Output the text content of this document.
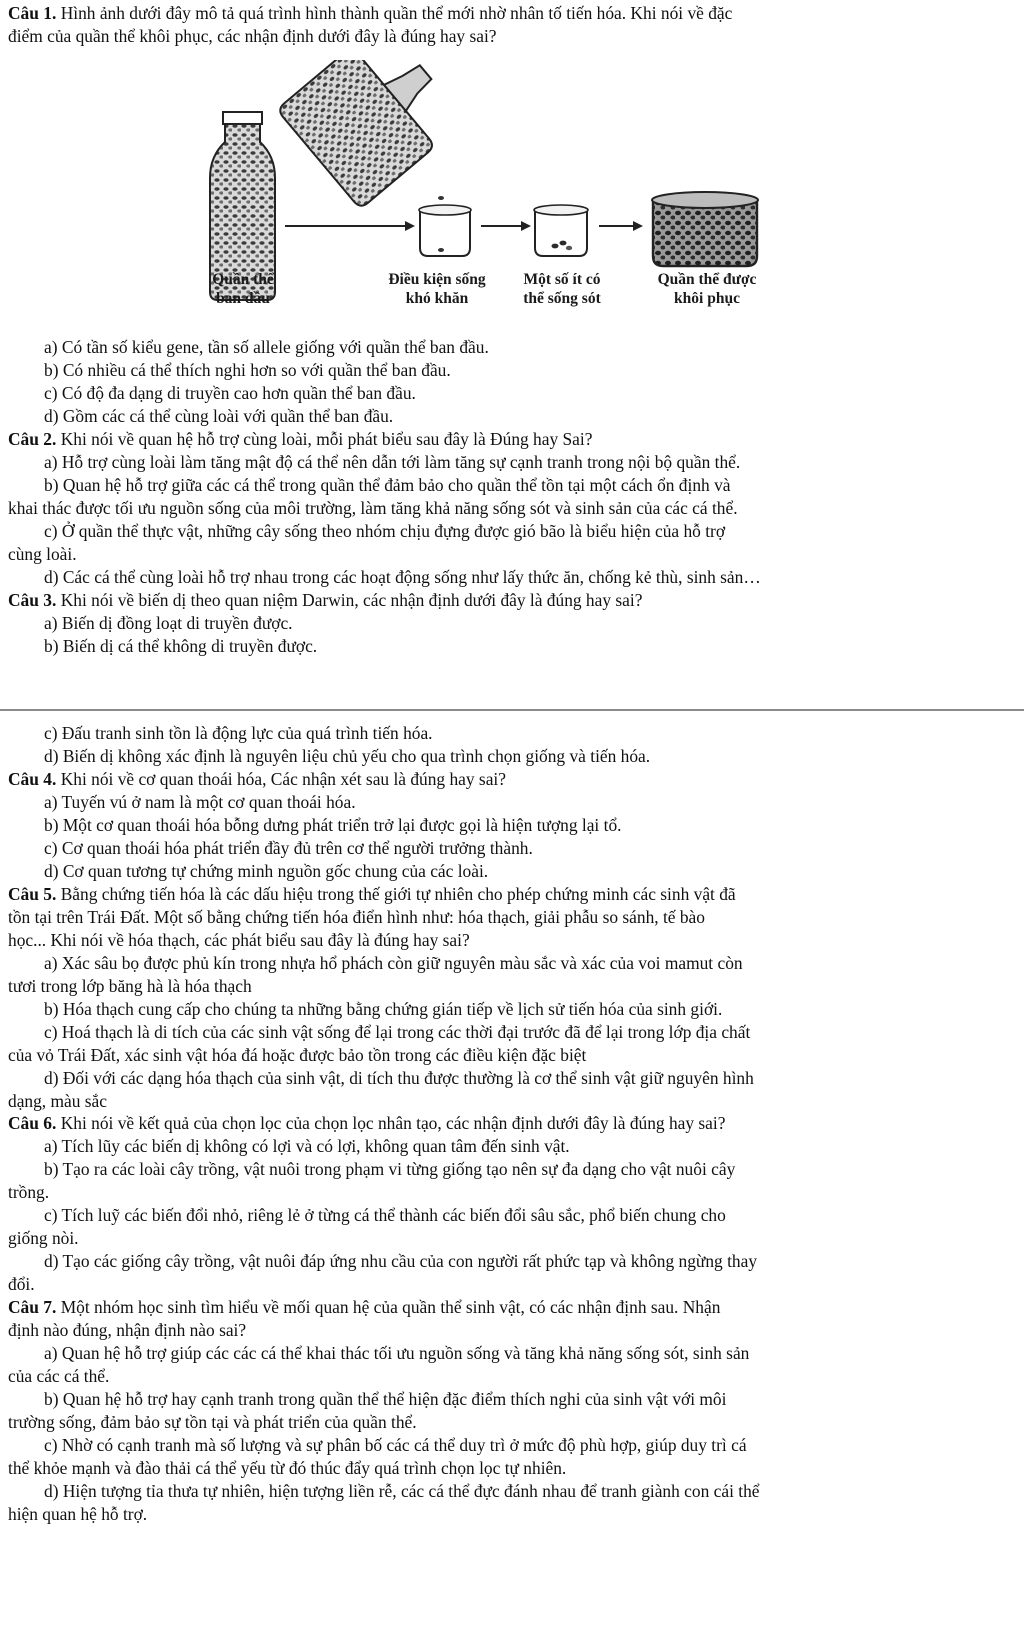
Câu 1. Hình ảnh dưới đây mô tả quá trình hình thành quần thể mới nhờ nhân tố tiến hóa. Khi nói về đặc

điểm của quần thể khôi phục, các nhận định dưới đây là đúng hay sai?

Quần thể
ban đầu
Điều kiện sống
khó khăn
Một số ít có
thể sống sót
Quần thể được
khôi phục

a) Có tần số kiểu gene, tần số allele giống với quần thể ban đầu.

b) Có nhiều cá thể thích nghi hơn so với quần thể ban đầu.

c) Có độ đa dạng di truyền cao hơn quần thể ban đầu.

d) Gồm các cá thể cùng loài với quần thể ban đầu.

Câu 2. Khi nói về quan hệ hỗ trợ cùng loài, mỗi phát biểu sau đây là Đúng hay Sai?

a) Hỗ trợ cùng loài làm tăng mật độ cá thể nên dẫn tới làm tăng sự cạnh tranh trong nội bộ quần thể.

b) Quan hệ hỗ trợ giữa các cá thể trong quần thể đảm bảo cho quần thể tồn tại một cách ổn định và

khai thác được tối ưu nguồn sống của môi trường, làm tăng khả năng sống sót và sinh sản của các cá thể.

c) Ở quần thể thực vật, những cây sống theo nhóm chịu đựng được gió bão là biểu hiện của hỗ trợ

cùng loài.

d) Các cá thể cùng loài hỗ trợ nhau trong các hoạt động sống như lấy thức ăn, chống kẻ thù, sinh sản…

Câu 3. Khi nói về biến dị theo quan niệm Darwin, các nhận định dưới đây là đúng hay sai?

a) Biến dị đồng loạt di truyền được.

b) Biến dị cá thể không di truyền được.

c) Đấu tranh sinh tồn là động lực của quá trình tiến hóa.

d) Biến dị không xác định là nguyên liệu chủ yếu cho qua trình chọn giống và tiến hóa.

Câu 4. Khi nói về cơ quan thoái hóa, Các nhận xét sau là đúng hay sai?

a) Tuyến vú ở nam là một cơ quan thoái hóa.

b) Một cơ quan thoái hóa bỗng dưng phát triển trở lại được gọi là hiện tượng lại tổ.

c) Cơ quan thoái hóa phát triển đầy đủ trên cơ thể người trưởng thành.

d) Cơ quan tương tự chứng minh nguồn gốc chung của các loài.

Câu 5. Bằng chứng tiến hóa là các dấu hiệu trong thế giới tự nhiên cho phép chứng minh các sinh vật đã

tồn tại trên Trái Đất. Một số bằng chứng tiến hóa điển hình như: hóa thạch, giải phẫu so sánh, tế bào

học... Khi nói về hóa thạch, các phát biểu sau đây là đúng hay sai?

a) Xác sâu bọ được phủ kín trong nhựa hổ phách còn giữ nguyên màu sắc và xác của voi mamut còn

tươi trong lớp băng hà là hóa thạch

b) Hóa thạch cung cấp cho chúng ta những bằng chứng gián tiếp về lịch sử tiến hóa của sinh giới.

c) Hoá thạch là di tích của các sinh vật sống để lại trong các thời đại trước đã để lại trong lớp địa chất

của vỏ Trái Đất, xác sinh vật hóa đá hoặc được bảo tồn trong các điều kiện đặc biệt

d) Đối với các dạng hóa thạch của sinh vật, di tích thu được thường là cơ thể sinh vật giữ nguyên hình

dạng, màu sắc

Câu 6. Khi nói về kết quả của chọn lọc của chọn lọc nhân tạo, các nhận định dưới đây là đúng hay sai?

a) Tích lũy các biến dị không có lợi và có lợi, không quan tâm đến sinh vật.

b) Tạo ra các loài cây trồng, vật nuôi trong phạm vi từng giống tạo nên sự đa dạng cho vật nuôi cây

trồng.

c) Tích luỹ các biến đổi nhỏ, riêng lẻ ở từng cá thể thành các biến đổi sâu sắc, phổ biến chung cho

giống nòi.

d) Tạo các giống cây trồng, vật nuôi đáp ứng nhu cầu của con người rất phức tạp và không ngừng thay

đổi.

Câu 7. Một nhóm học sinh tìm hiểu về mối quan hệ của quần thể sinh vật, có các nhận định sau. Nhận

định nào đúng, nhận định nào sai?

a) Quan hệ hỗ trợ giúp các các cá thể khai thác tối ưu nguồn sống và tăng khả năng sống sót, sinh sản

của các cá thể.

b) Quan hệ hỗ trợ hay cạnh tranh trong quần thể thể hiện đặc điểm thích nghi của sinh vật với môi

trường sống, đảm bảo sự tồn tại và phát triển của quần thể.

c) Nhờ có cạnh tranh mà số lượng và sự phân bố các cá thể duy trì ở mức độ phù hợp, giúp duy trì cá

thể khỏe mạnh và đào thải cá thể yếu từ đó thúc đẩy quá trình chọn lọc tự nhiên.

d) Hiện tượng tỉa thưa tự nhiên, hiện tượng liền rễ, các cá thể đực đánh nhau để tranh giành con cái thể

hiện quan hệ hỗ trợ.
